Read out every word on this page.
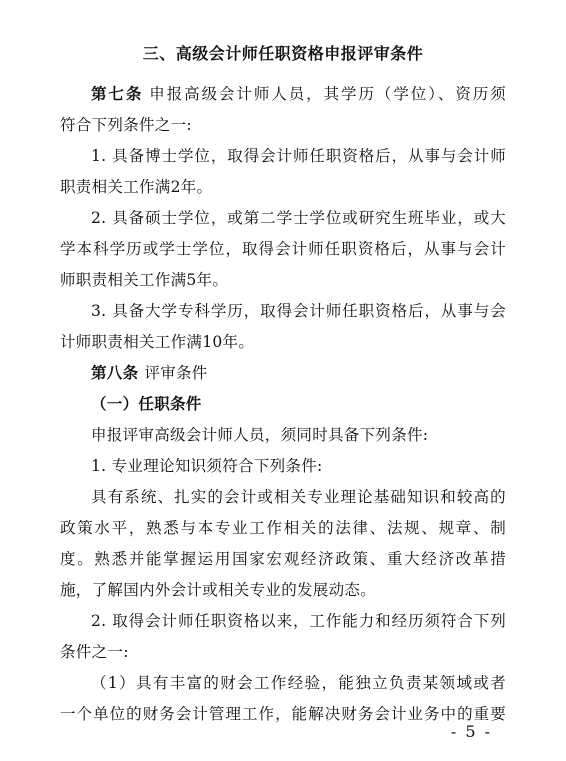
三、高级会计师任职资格申报评审条件
第七条 申报高级会计师人员，其学历（学位）、资历须
符合下列条件之一:
1. 具备博士学位，取得会计师任职资格后，从事与会计师
职责相关工作满2年。
2. 具备硕士学位，或第二学士学位或研究生班毕业，或大
学本科学历或学士学位，取得会计师任职资格后，从事与会计
师职责相关工作满5年。
3. 具备大学专科学历，取得会计师任职资格后，从事与会
计师职责相关工作满10年。
第八条 评审条件
（一）任职条件
申报评审高级会计师人员，须同时具备下列条件:
1. 专业理论知识须符合下列条件:
具有系统、扎实的会计或相关专业理论基础知识和较高的
政策水平，熟悉与本专业工作相关的法律、法规、规章、制
度。熟悉并能掌握运用国家宏观经济政策、重大经济改革措
施，了解国内外会计或相关专业的发展动态。
2. 取得会计师任职资格以来，工作能力和经历须符合下列
条件之一:
（1）具有丰富的财会工作经验，能独立负责某领域或者
一个单位的财务会计管理工作，能解决财务会计业务中的重要
- 5 -
